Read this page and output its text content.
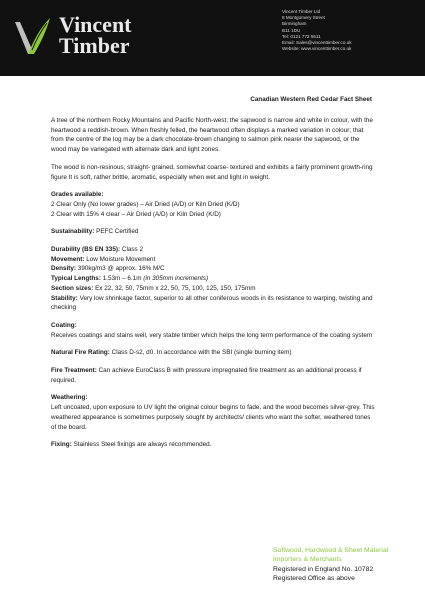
Vincent
Timber
Vincent Timber Ltd
8 Montgomery Street
Birmingham
B11 1DU
Tel: 0121 772 5511
Email: Sales@vincenttimber.co.uk
Website: www.vincenttimber.co.uk
Canadian Western Red Cedar Fact Sheet

A tree of the northern Rocky Mountains and Pacific North-west; the sapwood is narrow and white in colour, with the heartwood a reddish-brown. When freshly felled, the heartwood often displays a marked variation in colour; that from the centre of the log may be a dark chocolate-brown changing to salmon pink nearer the sapwood, or the wood may be variegated with alternate dark and light zones.

The wood is non-resinous, straight- grained, somewhat coarse- textured and exhibits a fairly prominent growth-ring figure It is soft, rather brittle, aromatic, especially when wet and light in weight.

Grades available:

2 Clear Only (No lower grades) – Air Dried (A/D) or Kiln Dried (K/D)

2 Clear with 15% 4 clear – Air Dried (A/D) or Kiln Dried (K/D)

Sustainability: PEFC Certified

Durability (BS EN 335): Class 2

Movement: Low Moisture Movement

Density: 390kg/m3 @ approx. 16% M/C

Typical Lengths: 1.53m – 6.1m (in 305mm increments)

Section sizes: Ex 22, 32, 50, 75mm x 22, 50, 75, 100, 125, 150, 175mm

Stability: Very low shrinkage factor, superior to all other coniferous woods in its resistance to warping, twisting and checking

Coating:

Receives coatings and stains well, very stable timber which helps the long term performance of the coating system

Natural Fire Rating: Class D-s2, d0. In accordance with the SBI (single burning item)

Fire Treatment: Can achieve EuroClass B with pressure impregnated fire treatment as an additional process if required.

Weathering:

Left uncoated, upon exposure to UV light the original colour begins to fade, and the wood becomes silver-grey. This weathered appearance is sometimes purposely sought by architects/ clients who want the softer, weathered tones of the board.

Fixing: Stainless Steel fixings are always recommended.

Softwood, Hardwood & Sheet Material
Importers & Merchants
Registered in England No. 10782
Registered Office as above
